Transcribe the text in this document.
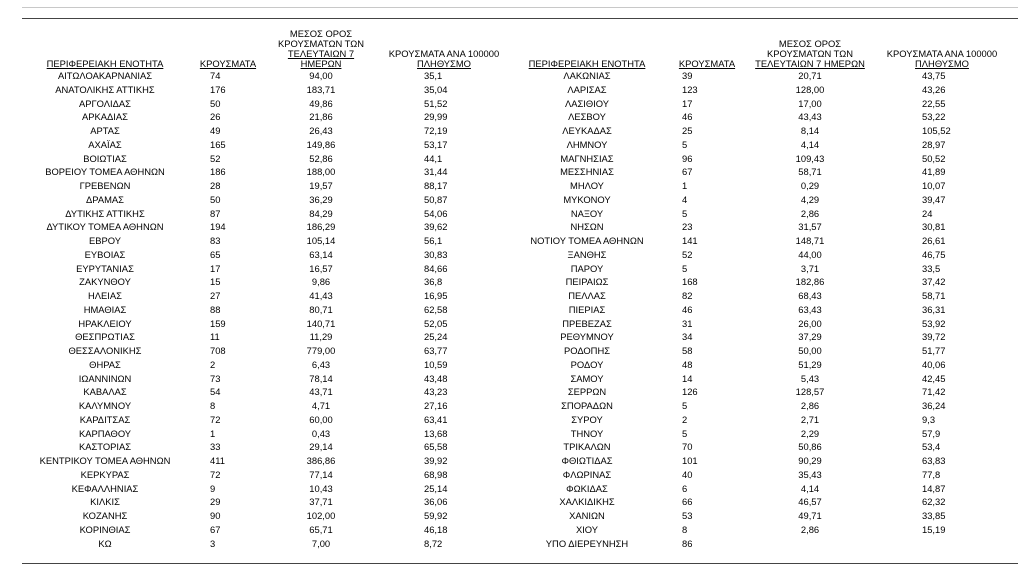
ΠΕΡΙΦΕΡΕΙΑΚΗ ΕΝΟΤΗΤΑ	ΚΡΟΥΣΜΑΤΑ	ΜΕΣΟΣ ΟΡΟΣ
ΚΡΟΥΣΜΑΤΩΝ ΤΩΝ
ΤΕΛΕΥΤΑΙΩΝ 7 ΗΜΕΡΩΝ	ΚΡΟΥΣΜΑΤΑ ΑΝΑ 100000
ΠΛΗΘΥΣΜΟ	ΠΕΡΙΦΕΡΕΙΑΚΗ ΕΝΟΤΗΤΑ	ΚΡΟΥΣΜΑΤΑ	ΜΕΣΟΣ ΟΡΟΣ
ΚΡΟΥΣΜΑΤΩΝ ΤΩΝ
ΤΕΛΕΥΤΑΙΩΝ 7 ΗΜΕΡΩΝ	ΚΡΟΥΣΜΑΤΑ ΑΝΑ 100000
ΠΛΗΘΥΣΜΟ
ΑΙΤΩΛΟΑΚΑΡΝΑΝΙΑΣ	74	94,00	35,1	ΛΑΚΩΝΙΑΣ	39	20,71	43,75
ΑΝΑΤΟΛΙΚΗΣ ΑΤΤΙΚΗΣ	176	183,71	35,04	ΛΑΡΙΣΑΣ	123	128,00	43,26
ΑΡΓΟΛΙΔΑΣ	50	49,86	51,52	ΛΑΣΙΘΙΟΥ	17	17,00	22,55
ΑΡΚΑΔΙΑΣ	26	21,86	29,99	ΛΕΣΒΟΥ	46	43,43	53,22
ΑΡΤΑΣ	49	26,43	72,19	ΛΕΥΚΑΔΑΣ	25	8,14	105,52
ΑΧΑΪΑΣ	165	149,86	53,17	ΛΗΜΝΟΥ	5	4,14	28,97
ΒΟΙΩΤΙΑΣ	52	52,86	44,1	ΜΑΓΝΗΣΙΑΣ	96	109,43	50,52
ΒΟΡΕΙΟΥ ΤΟΜΕΑ ΑΘΗΝΩΝ	186	188,00	31,44	ΜΕΣΣΗΝΙΑΣ	67	58,71	41,89
ΓΡΕΒΕΝΩΝ	28	19,57	88,17	ΜΗΛΟΥ	1	0,29	10,07
ΔΡΑΜΑΣ	50	36,29	50,87	ΜΥΚΟΝΟΥ	4	4,29	39,47
ΔΥΤΙΚΗΣ ΑΤΤΙΚΗΣ	87	84,29	54,06	ΝΑΞΟΥ	5	2,86	24
ΔΥΤΙΚΟΥ ΤΟΜΕΑ ΑΘΗΝΩΝ	194	186,29	39,62	ΝΗΣΩΝ	23	31,57	30,81
ΕΒΡΟΥ	83	105,14	56,1	ΝΟΤΙΟΥ ΤΟΜΕΑ ΑΘΗΝΩΝ	141	148,71	26,61
ΕΥΒΟΙΑΣ	65	63,14	30,83	ΞΑΝΘΗΣ	52	44,00	46,75
ΕΥΡΥΤΑΝΙΑΣ	17	16,57	84,66	ΠΑΡΟΥ	5	3,71	33,5
ΖΑΚΥΝΘΟΥ	15	9,86	36,8	ΠΕΙΡΑΙΩΣ	168	182,86	37,42
ΗΛΕΙΑΣ	27	41,43	16,95	ΠΕΛΛΑΣ	82	68,43	58,71
ΗΜΑΘΙΑΣ	88	80,71	62,58	ΠΙΕΡΙΑΣ	46	63,43	36,31
ΗΡΑΚΛΕΙΟΥ	159	140,71	52,05	ΠΡΕΒΕΖΑΣ	31	26,00	53,92
ΘΕΣΠΡΩΤΙΑΣ	11	11,29	25,24	ΡΕΘΥΜΝΟΥ	34	37,29	39,72
ΘΕΣΣΑΛΟΝΙΚΗΣ	708	779,00	63,77	ΡΟΔΟΠΗΣ	58	50,00	51,77
ΘΗΡΑΣ	2	6,43	10,59	ΡΟΔΟΥ	48	51,29	40,06
ΙΩΑΝΝΙΝΩΝ	73	78,14	43,48	ΣΑΜΟΥ	14	5,43	42,45
ΚΑΒΑΛΑΣ	54	43,71	43,23	ΣΕΡΡΩΝ	126	128,57	71,42
ΚΑΛΥΜΝΟΥ	8	4,71	27,16	ΣΠΟΡΑΔΩΝ	5	2,86	36,24
ΚΑΡΔΙΤΣΑΣ	72	60,00	63,41	ΣΥΡΟΥ	2	2,71	9,3
ΚΑΡΠΑΘΟΥ	1	0,43	13,68	ΤΗΝΟΥ	5	2,29	57,9
ΚΑΣΤΟΡΙΑΣ	33	29,14	65,58	ΤΡΙΚΑΛΩΝ	70	50,86	53,4
ΚΕΝΤΡΙΚΟΥ ΤΟΜΕΑ ΑΘΗΝΩΝ	411	386,86	39,92	ΦΘΙΩΤΙΔΑΣ	101	90,29	63,83
ΚΕΡΚΥΡΑΣ	72	77,14	68,98	ΦΛΩΡΙΝΑΣ	40	35,43	77,8
ΚΕΦΑΛΛΗΝΙΑΣ	9	10,43	25,14	ΦΩΚΙΔΑΣ	6	4,14	14,87
ΚΙΛΚΙΣ	29	37,71	36,06	ΧΑΛΚΙΔΙΚΗΣ	66	46,57	62,32
ΚΟΖΑΝΗΣ	90	102,00	59,92	ΧΑΝΙΩΝ	53	49,71	33,85
ΚΟΡΙΝΘΙΑΣ	67	65,71	46,18	ΧΙΟΥ	8	2,86	15,19
ΚΩ	3	7,00	8,72	ΥΠΟ ΔΙΕΡΕΥΝΗΣΗ	86		
